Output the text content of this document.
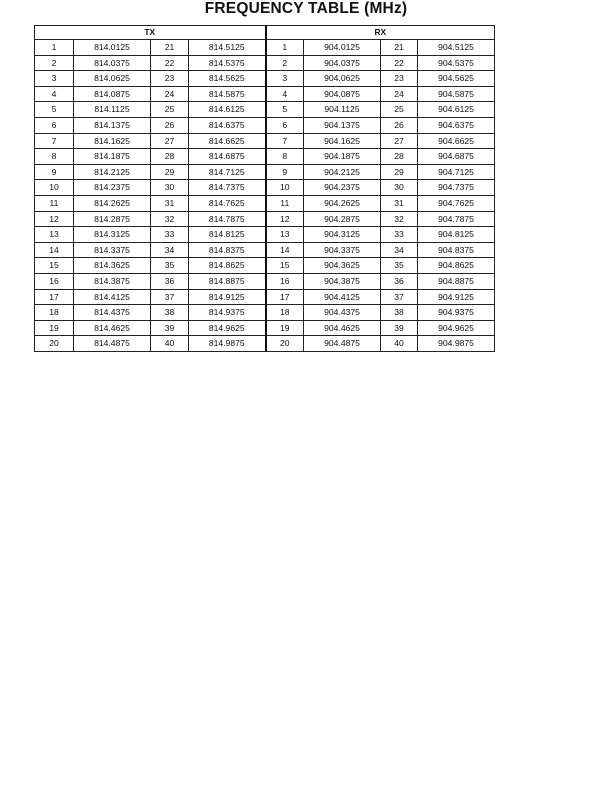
FREQUENCY TABLE (MHz)
TX				RX			
1	814.0125	21	814.5125	1	904.0125	21	904.5125
2	814.0375	22	814.5375	2	904.0375	22	904.5375
3	814.0625	23	814.5625	3	904.0625	23	904.5625
4	814.0875	24	814.5875	4	904.0875	24	904.5875
5	814.1125	25	814.6125	5	904.1125	25	904.6125
6	814.1375	26	814.6375	6	904.1375	26	904.6375
7	814.1625	27	814.6625	7	904.1625	27	904.6625
8	814.1875	28	814.6875	8	904.1875	28	904.6875
9	814.2125	29	814.7125	9	904.2125	29	904.7125
10	814.2375	30	814.7375	10	904.2375	30	904.7375
11	814.2625	31	814.7625	11	904.2625	31	904.7625
12	814.2875	32	814.7875	12	904.2875	32	904.7875
13	814.3125	33	814.8125	13	904.3125	33	904.8125
14	814.3375	34	814.8375	14	904.3375	34	904.8375
15	814.3625	35	814.8625	15	904.3625	35	904.8625
16	814.3875	36	814.8875	16	904.3875	36	904.8875
17	814.4125	37	814.9125	17	904.4125	37	904.9125
18	814.4375	38	814.9375	18	904.4375	38	904.9375
19	814.4625	39	814.9625	19	904.4625	39	904.9625
20	814.4875	40	814.9875	20	904.4875	40	904.9875
